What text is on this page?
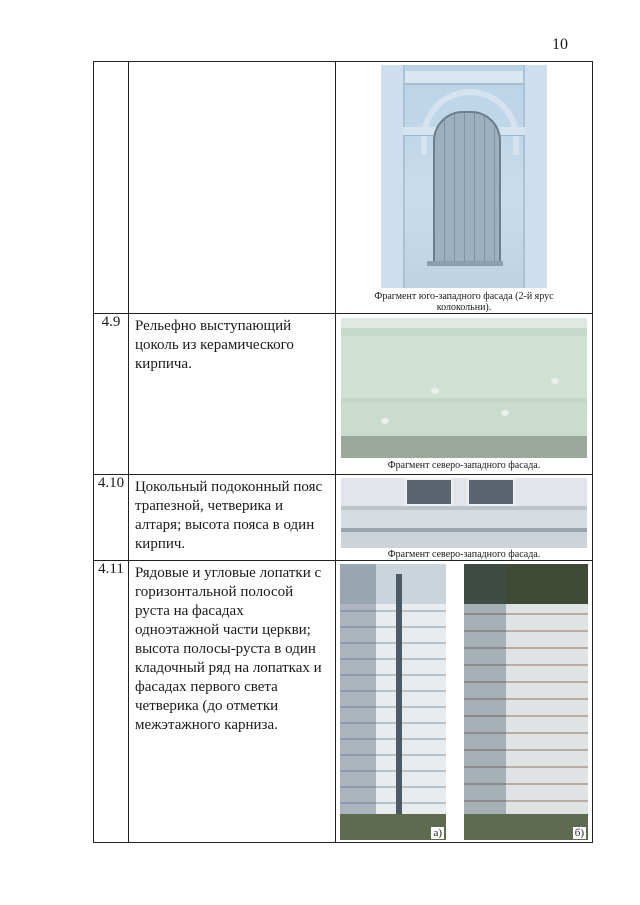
10

		Фрагмент юго-западного фасада (2-й ярус колокольни).

4.9	Рельефно выступающий цоколь из керамического кирпича.	Фрагмент северо-западного фасада.

4.10	Цокольный подоконный пояс трапезной, четверика и алтаря; высота пояса в один кирпич.	Фрагмент северо-западного фасада.

4.11	Рядовые и угловые лопатки с горизонтальной полосой руста на фасадах одноэтажной части церкви; высота полосы-руста в один кладочный ряд на лопатках и фасадах первого света четверика (до отметки межэтажного карниза.	а) б)
